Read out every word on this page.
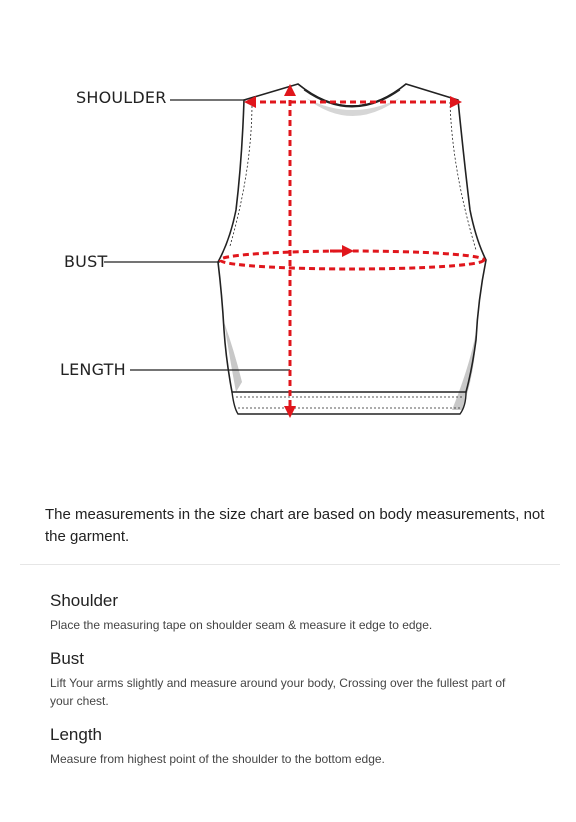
SHOULDER
BUST
LENGTH
The measurements in the size chart are based on body measurements, not the garment.
Shoulder

Place the measuring tape on shoulder seam & measure it edge to edge.

Bust

Lift Your arms slightly and measure around your body, Crossing over the fullest part of your chest.

Length

Measure from highest point of the shoulder to the bottom edge.
